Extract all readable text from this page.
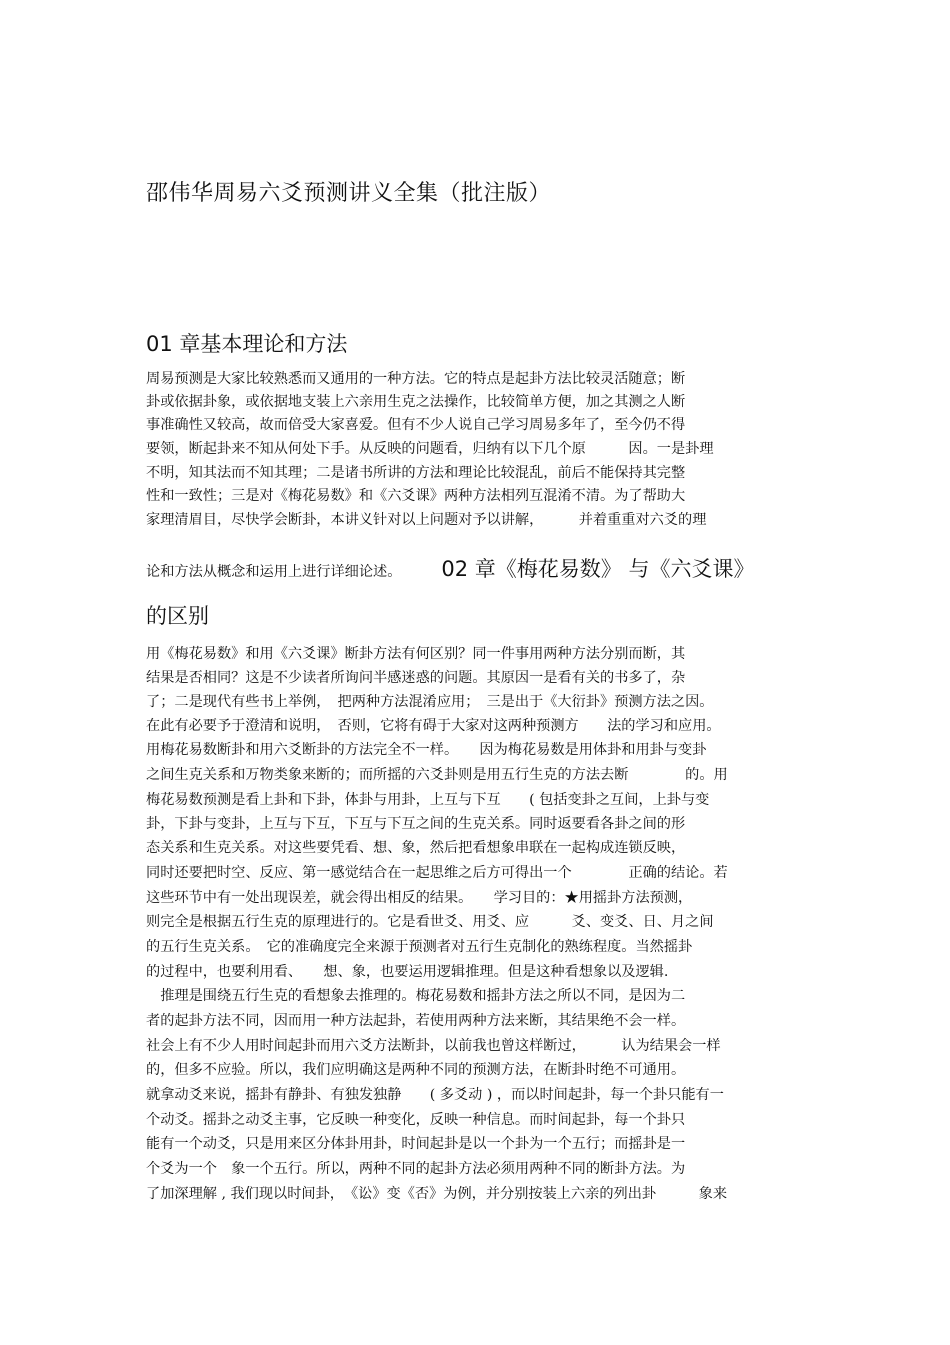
邵伟华周易六爻预测讲义全集（批注版）
01 章基本理论和方法
周易预测是大家比较熟悉而又通用的一种方法。它的特点是起卦方法比较灵活随意；断
卦或依据卦象，或依据地支装上六亲用生克之法操作，比较简单方便，加之其测之人断
事准确性又较高，故而倍受大家喜爱。但有不少人说自己学习周易多年了，至今仍不得
要领，断起卦来不知从何处下手。从反映的问题看，归纳有以下几个原　　　因。一是卦理
不明，知其法而不知其理；二是诸书所讲的方法和理论比较混乱，前后不能保持其完整
性和一致性；三是对《梅花易数》和《六爻课》两种方法相列互混淆不清。为了帮助大
家理清眉目，尽快学会断卦，本讲义针对以上问题对予以讲解，　　　并着重重对六爻的理
论和方法从概念和运用上进行详细论述。 02 章《梅花易数》 与《六爻课》
的区别
用《梅花易数》和用《六爻课》断卦方法有何区别？同一件事用两种方法分别而断，其
结果是否相同？这是不少读者所询问半感迷惑的问题。其原因一是看有关的书多了，杂
了；二是现代有些书上举例，　把两种方法混淆应用；　三是出于《大衍卦》预测方法之因。
在此有必要予于澄清和说明，　否则，它将有碍于大家对这两种预测方　　法的学习和应用。
用梅花易数断卦和用六爻断卦的方法完全不一样。　　因为梅花易数是用体卦和用卦与变卦
之间生克关系和万物类象来断的；而所摇的六爻卦则是用五行生克的方法去断　　　　的。用
梅花易数预测是看上卦和下卦，体卦与用卦，上互与下互　　( 包括变卦之互间，上卦与变
卦，下卦与变卦，上互与下互，下互与下互之间的生克关系。同时返要看各卦之间的形
态关系和生克关系。对这些要凭看、想、象，然后把看想象串联在一起构成连锁反映，
同时还要把时空、反应、第一感觉结合在一起思维之后方可得出一个　　　　正确的结论。若
这些环节中有一处出现误差，就会得出相反的结果。　　学习目的：★用摇卦方法预测，
则完全是根据五行生克的原理进行的。它是看世爻、用爻、应　　　爻、变爻、日、月之间
的五行生克关系。　它的准确度完全来源于预测者对五行生克制化的熟练程度。当然摇卦
的过程中，也要利用看、　　想、象，也要运用逻辑推理。但是这种看想象以及逻辑.
　推理是围绕五行生克的看想象去推理的。梅花易数和摇卦方法之所以不同，是因为二
者的起卦方法不同，因而用一种方法起卦，若使用两种方法来断，其结果绝不会一样。
社会上有不少人用时间起卦而用六爻方法断卦，以前我也曾这样断过，　　　认为结果会一样
的，但多不应验。所以，我们应明确这是两种不同的预测方法，在断卦时绝不可通用。
就拿动爻来说，摇卦有静卦、有独发独静　　( 多爻动 ) ，而以时间起卦，每一个卦只能有一
个动爻。摇卦之动爻主事，它反映一种变化，反映一种信息。而时间起卦，每一个卦只
能有一个动爻，只是用来区分体卦用卦，时间起卦是以一个卦为一个五行；而摇卦是一
个爻为一个　象一个五行。所以，两种不同的起卦方法必须用两种不同的断卦方法。为
了加深理解 , 我们现以时间卦，　《讼》变《否》为例，并分别按装上六亲的列出卦　　　象来
